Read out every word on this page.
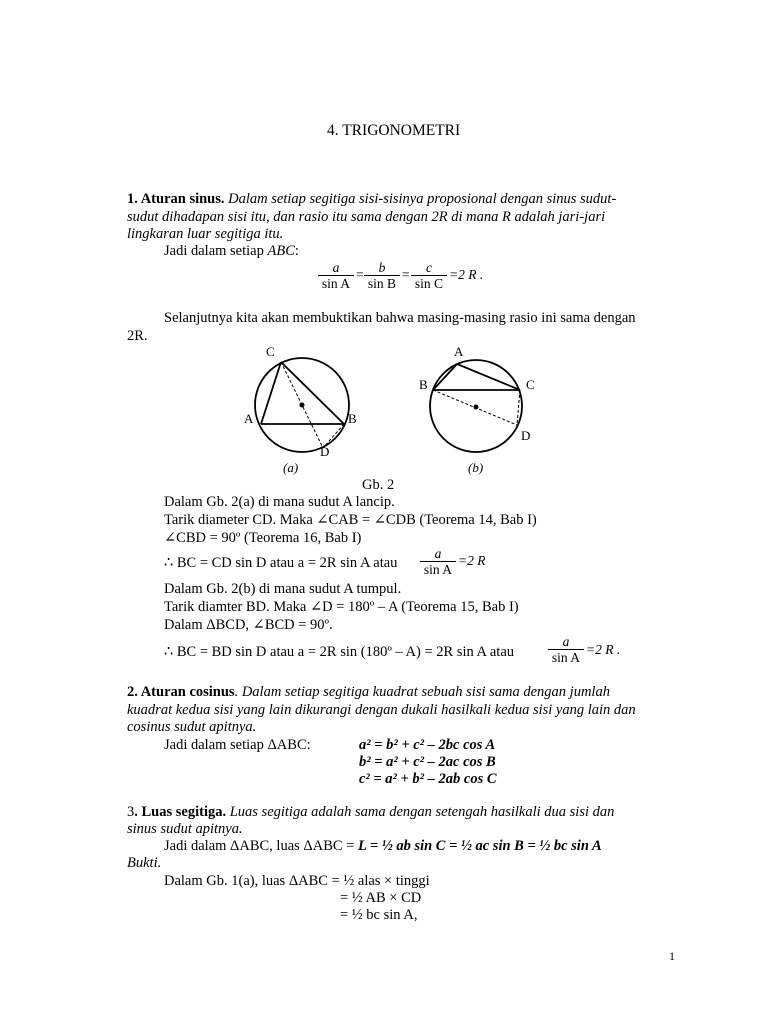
4. TRIGONOMETRI
1. Aturan sinus. Dalam setiap segitiga sisi-sisinya proposional dengan sinus sudut-
sudut dihadapan sisi itu, dan rasio itu sama dengan 2R di mana R adalah jari-jari
lingkaran luar segitiga itu.
Jadi dalam setiap ABC:
a
sin A
=	b
sin B
=	c
sin C
=2 R .
Selanjutnya kita akan membuktikan bahwa masing-masing rasio ini sama dengan
2R.
C
A	B
D
(a)
A
B	C
D
(b)
Gb. 2
Dalam Gb. 2(a) di mana sudut A lancip.
Tarik diameter CD. Maka ∠CAB = ∠CDB (Teorema 14, Bab I)
∠CBD = 90º (Teorema 16, Bab I)
∴ BC = CD sin D atau a = 2R sin A atau
a
sin A
=2 R
Dalam Gb. 2(b) di mana sudut A tumpul.
Tarik diamter BD. Maka ∠D = 180º – A (Teorema 15, Bab I)
Dalam ΔBCD, ∠BCD = 90º.
∴ BC = BD sin D atau a = 2R sin (180º – A) = 2R sin A atau
a
sin A
=2 R .
2. Aturan cosinus. Dalam setiap segitiga kuadrat sebuah sisi sama dengan jumlah
kuadrat kedua sisi yang lain dikurangi dengan dukali hasilkali kedua sisi yang lain dan
cosinus sudut apitnya.
Jadi dalam setiap ΔABC:	a² = b² + c² – 2bc cos A
b² = a² + c² – 2ac cos B
c² = a² + b² – 2ab cos C
3. Luas segitiga. Luas segitiga adalah sama dengan setengah hasilkali dua sisi dan
sinus sudut apitnya.
Jadi dalam ΔABC, luas ΔABC = L = ½ ab sin C = ½ ac sin B = ½ bc sin A
Bukti.
Dalam Gb. 1(a), luas ΔABC = ½ alas × tinggi
= ½ AB × CD
= ½ bc sin A,
1
